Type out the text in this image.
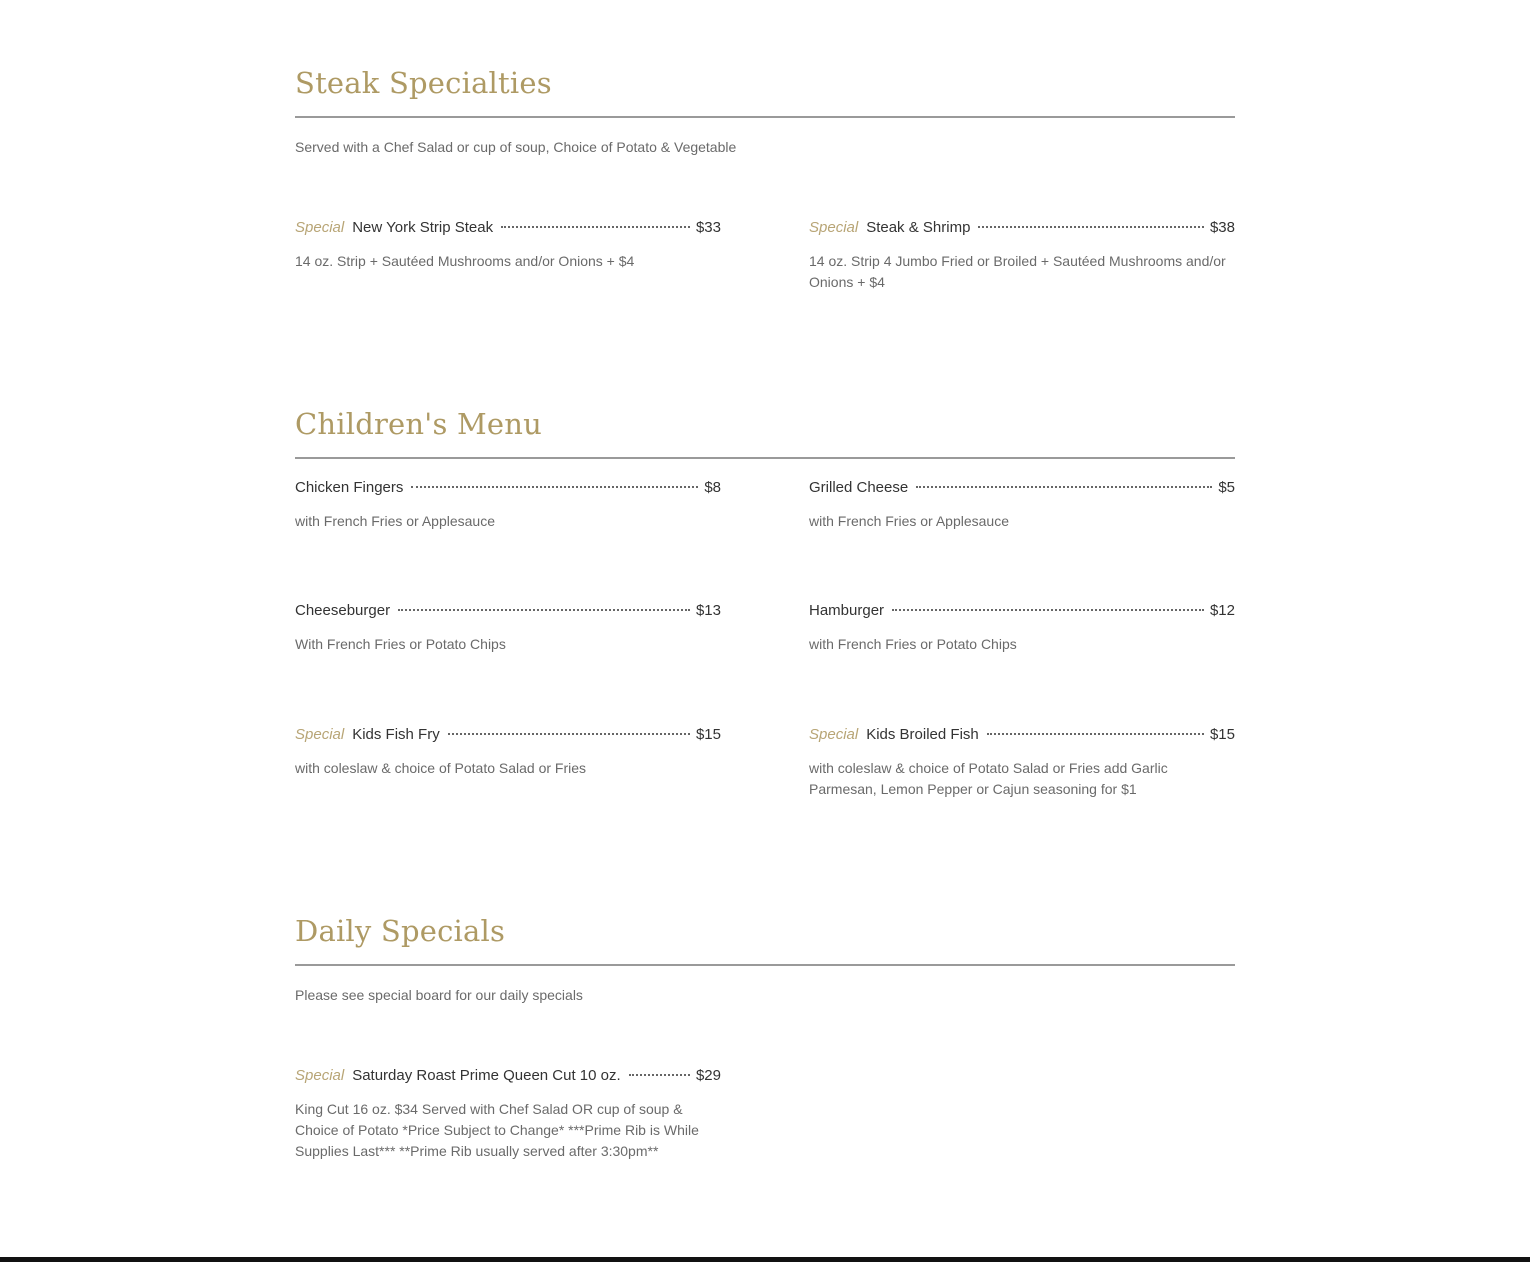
Steak Specialties
Served with a Chef Salad or cup of soup, Choice of Potato & Vegetable
Special New York Strip Steak	$33
14 oz. Strip + Sautéed Mushrooms and/or Onions + $4
Special Steak & Shrimp	$38
14 oz. Strip 4 Jumbo Fried or Broiled + Sautéed Mushrooms and/or Onions + $4
Children's Menu
Chicken Fingers	$8
with French Fries or Applesauce
Grilled Cheese	$5
with French Fries or Applesauce
Cheeseburger	$13
With French Fries or Potato Chips
Hamburger	$12
with French Fries or Potato Chips
Special Kids Fish Fry	$15
with coleslaw & choice of Potato Salad or Fries
Special Kids Broiled Fish	$15
with coleslaw & choice of Potato Salad or Fries add Garlic Parmesan, Lemon Pepper or Cajun seasoning for $1
Daily Specials
Please see special board for our daily specials
Special Saturday Roast Prime Queen Cut 10 oz.	$29
King Cut 16 oz. $34 Served with Chef Salad OR cup of soup & Choice of Potato *Price Subject to Change* ***Prime Rib is While Supplies Last*** **Prime Rib usually served after 3:30pm**
